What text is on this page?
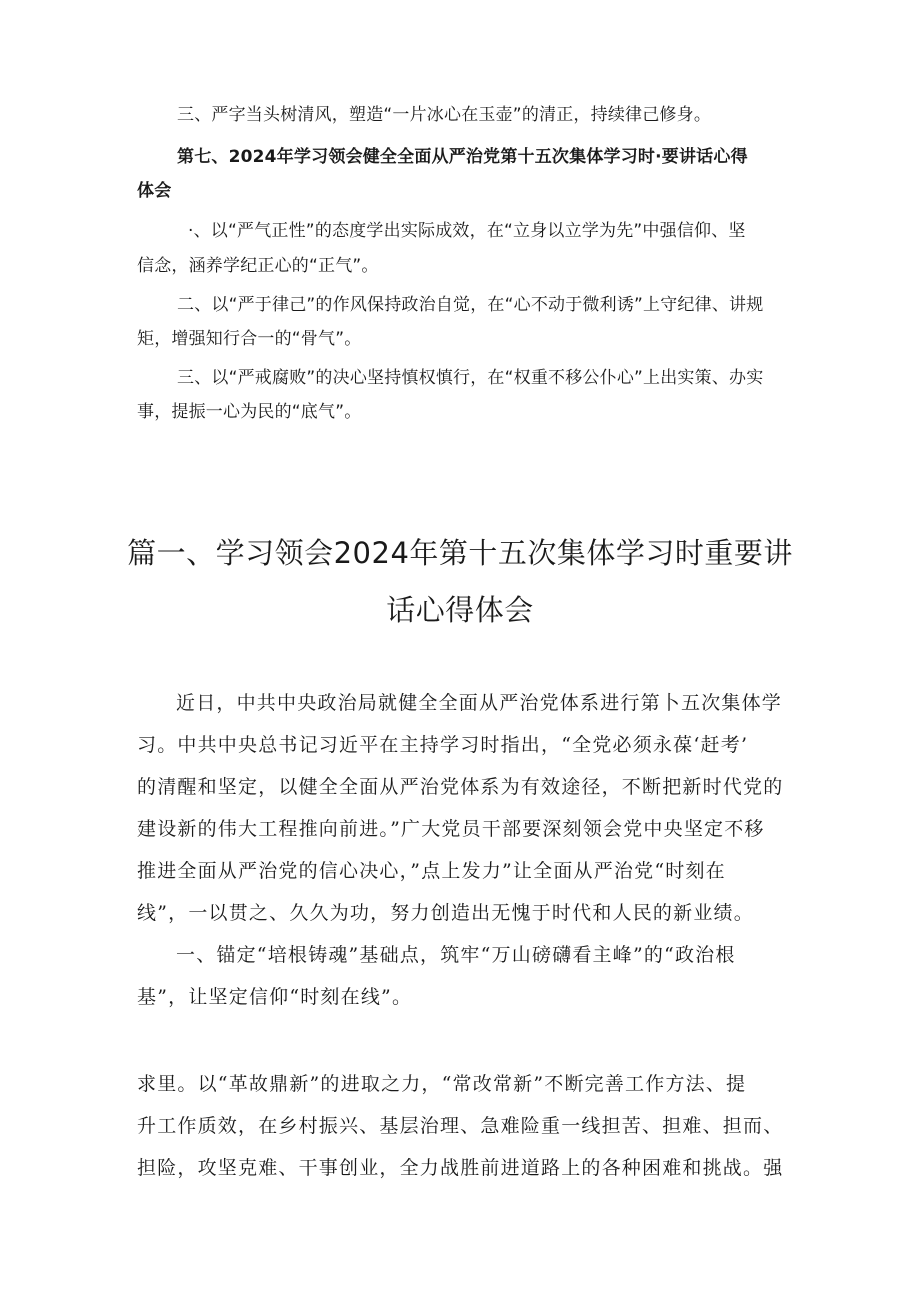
三、严字当头树清风，塑造“一片冰心在玉壶”的清正，持续律己修身。
第七、2024年学习领会健全全面从严治党第十五次集体学习时·要讲话心得
体会
·、以“严气正性”的态度学出实际成效，在“立身以立学为先”中强信仰、坚
信念，涵养学纪正心的“正气”。
二、以“严于律己”的作风保持政治自觉，在“心不动于微利诱”上守纪律、讲规
矩，增强知行合一的“骨气”。
三、以“严戒腐败”的决心坚持慎权慎行，在“权重不移公仆心”上出实策、办实
事，提振一心为民的“底气”。
篇一、学习领会2024年第十五次集体学习时重要讲
话心得体会
近日，中共中央政治局就健全全面从严治党体系进行第卜五次集体学
习。中共中央总书记习近平在主持学习时指出，“全党必须永葆‘赶考’
的清醒和坚定，以健全全面从严治党体系为有效途径，不断把新时代党的
建设新的伟大工程推向前进。”广大党员干部要深刻领会党中央坚定不移
推进全面从严治党的信心决心，”点上发力”让全面从严治党“时刻在
线”，一以贯之、久久为功，努力创造出无愧于时代和人民的新业绩。
一、锚定“培根铸魂”基础点，筑牢“万山磅礴看主峰”的“政治根
基”，让坚定信仰“时刻在线”。
求里。以“革故鼎新”的进取之力，“常改常新”不断完善工作方法、提
升工作质效，在乡村振兴、基层治理、急难险重一线担苦、担难、担而、
担险，攻坚克难、干事创业，全力战胜前进道路上的各种困难和挑战。强
